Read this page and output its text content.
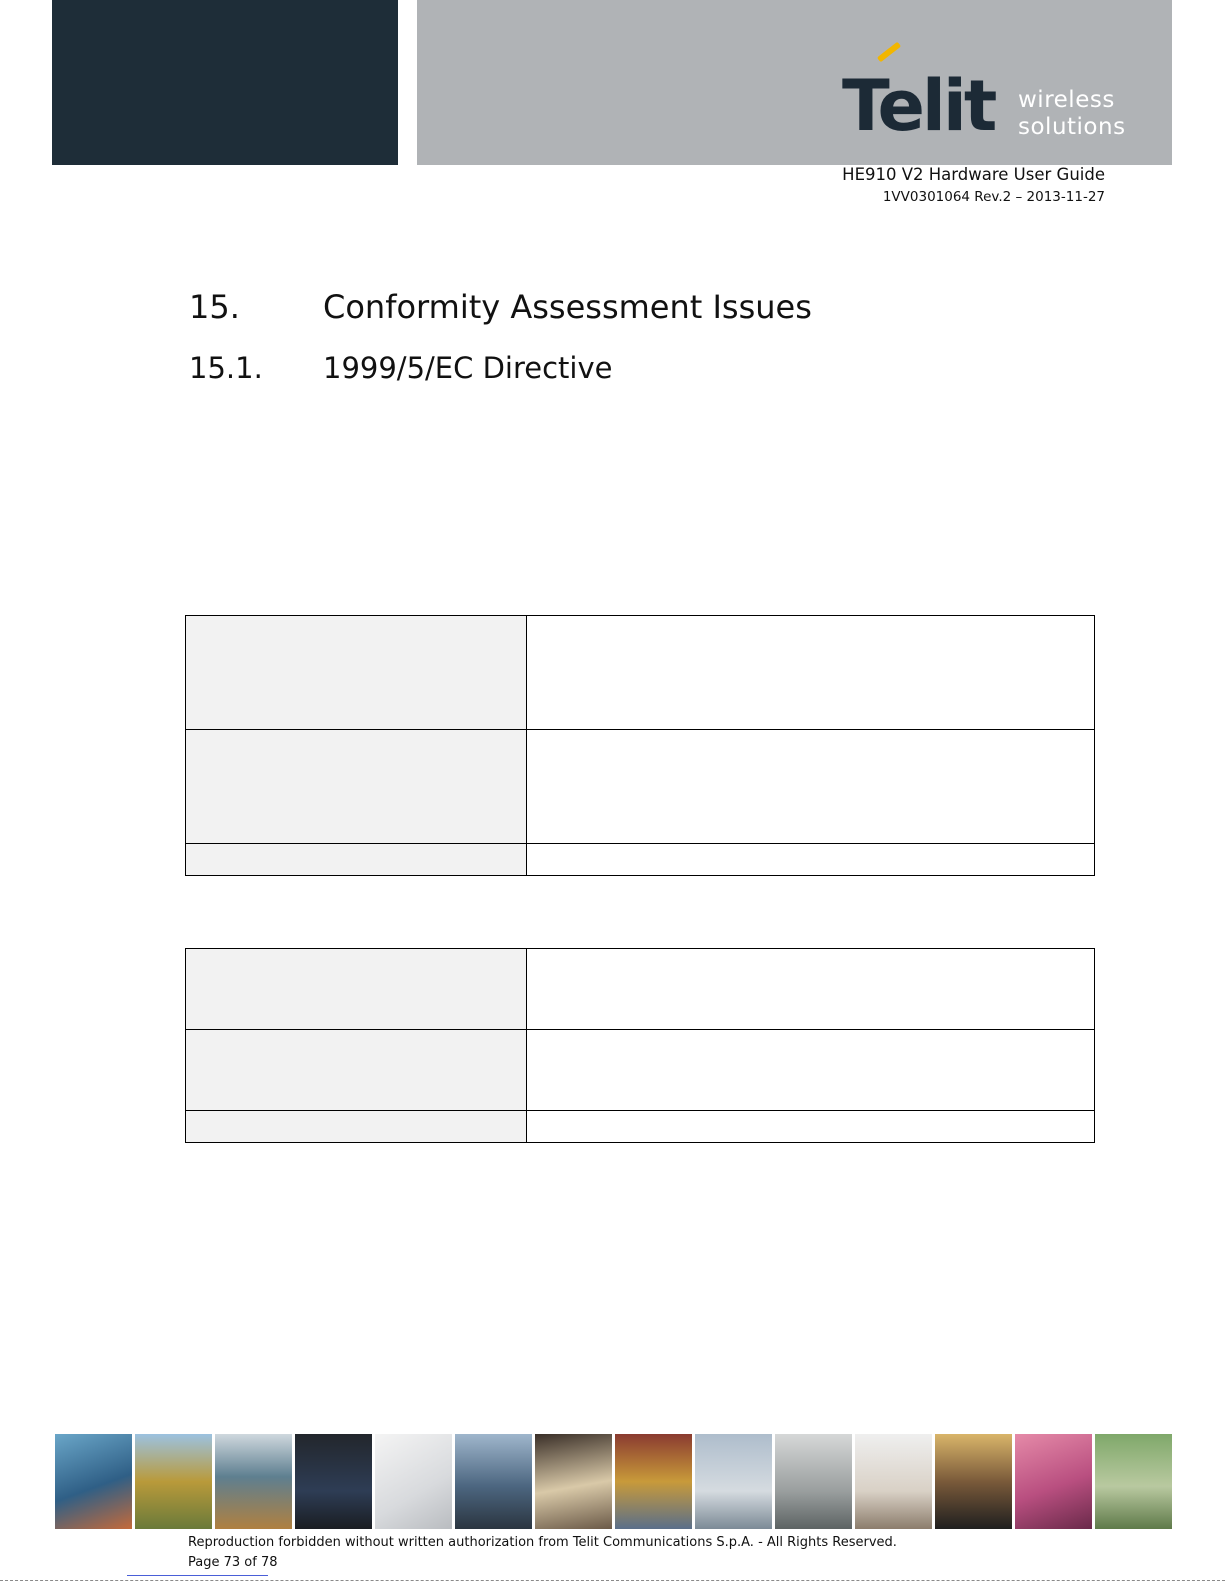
Telit wireless
solutions
HE910 V2 Hardware User Guide
1VV0301064 Rev.2 – 2013-11-27
15.	Conformity Assessment Issues
15.1. 1999/5/EC Directive

Reproduction forbidden without written authorization from Telit Communications S.p.A. - All Rights Reserved.
Page 73 of 78
